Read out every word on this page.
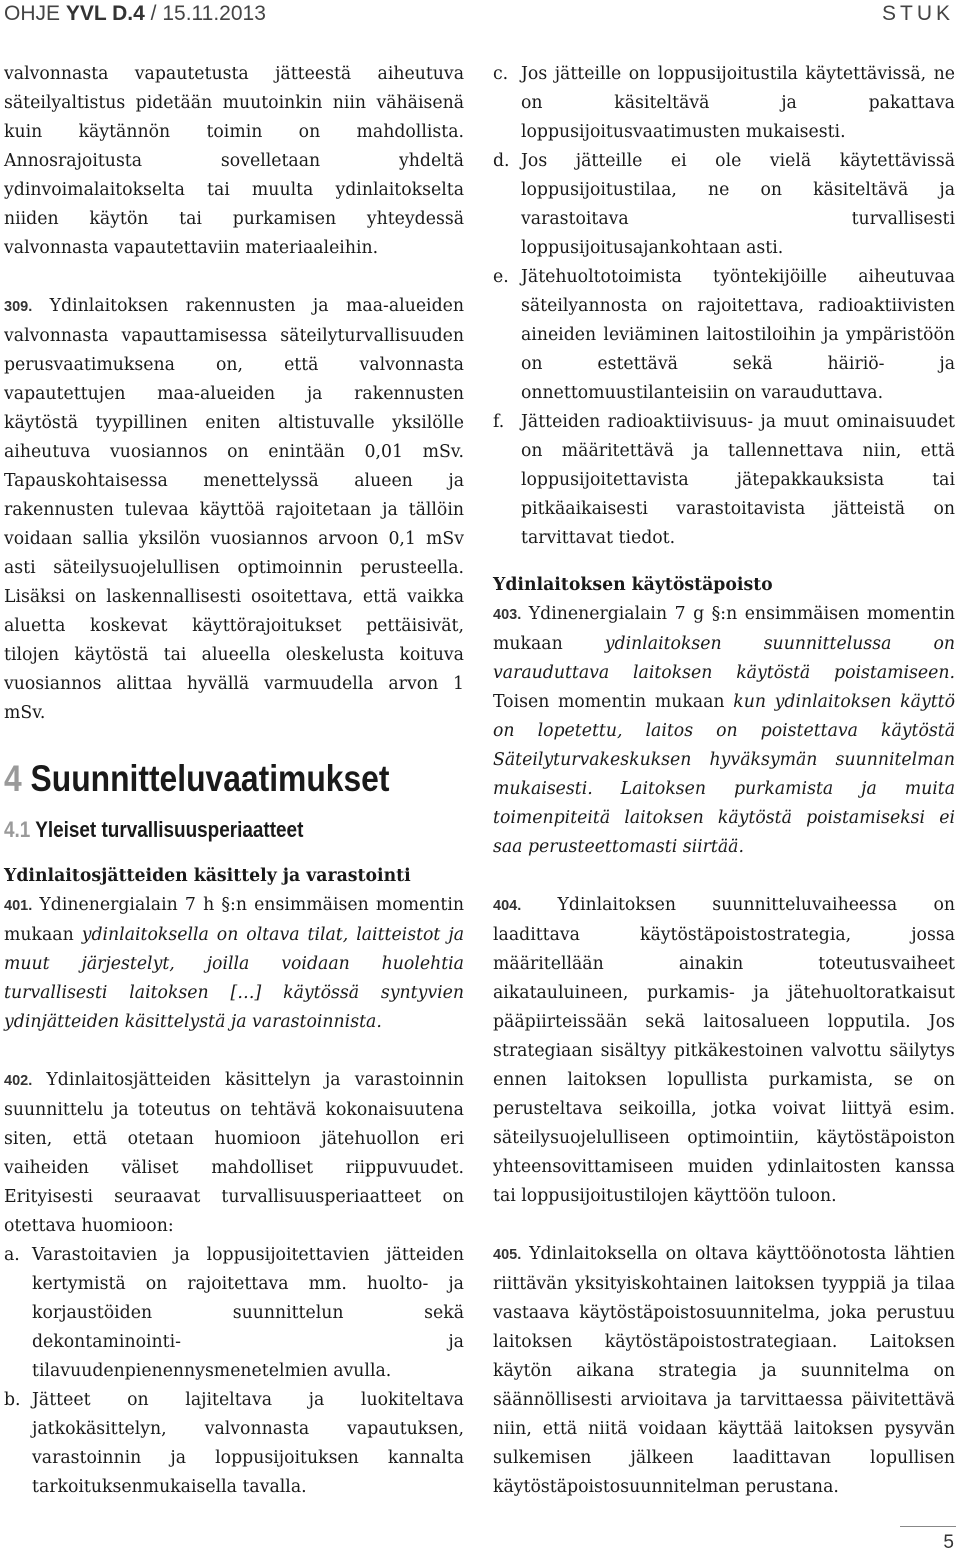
OHJE YVL D.4 / 15.11.2013	STUK

valvonnasta vapautetusta jätteestä aiheutuva säteilyaltistus pidetään muutoinkin niin vähäisenä kuin käytännön toimin on mahdollista. Annosrajoitusta sovelletaan yhdeltä ydinvoimalaitokselta tai muulta ydinlaitokselta niiden käytön tai purkamisen yhteydessä valvonnasta vapautettaviin materiaaleihin.

309. Ydinlaitoksen rakennusten ja maa-alueiden valvonnasta vapauttamisessa säteilyturvallisuuden perusvaatimuksena on, että valvonnasta vapautettujen maa-alueiden ja rakennusten käytöstä tyypillinen eniten altistuvalle yksilölle aiheutuva vuosiannos on enintään 0,01 mSv. Tapauskohtaisessa menettelyssä alueen ja rakennusten tulevaa käyttöä rajoitetaan ja tällöin voidaan sallia yksilön vuosiannos arvoon 0,1 mSv asti säteilysuojelullisen optimoinnin perusteella. Lisäksi on laskennallisesti osoitettava, että vaikka aluetta koskevat käyttörajoitukset pettäisivät, tilojen käytöstä tai alueella oleskelusta koituva vuosiannos alittaa hyvällä varmuudella arvon 1 mSv.

4 Suunnitteluvaatimukset
4.1 Yleiset turvallisuusperiaatteet
Ydinlaitosjätteiden käsittely ja varastointi

401. Ydinenergialain 7 h §:n ensimmäisen momentin mukaan ydinlaitoksella on oltava tilat, laitteistot ja muut järjestelyt, joilla voidaan huolehtia turvallisesti laitoksen […] käytössä syntyvien ydinjätteiden käsittelystä ja varastoinnista.

402. Ydinlaitosjätteiden käsittelyn ja varastoinnin suunnittelu ja toteutus on tehtävä kokonaisuutena siten, että otetaan huomioon jätehuollon eri vaiheiden väliset mahdolliset riippuvuudet. Erityisesti seuraavat turvallisuusperiaatteet on otettava huomioon:

a. Varastoitavien ja loppusijoitettavien jätteiden kertymistä on rajoitettava mm. huolto- ja korjaustöiden suunnittelun sekä dekontaminointi- ja tilavuudenpienennysmenetelmien avulla.
b. Jätteet on lajiteltava ja luokiteltava jatkokäsittelyn, valvonnasta vapautuksen, varastoinnin ja loppusijoituksen kannalta tarkoituksenmukaisella tavalla.
c. Jos jätteille on loppusijoitustila käytettävissä, ne on käsiteltävä ja pakattava loppusijoitusvaatimusten mukaisesti.
d. Jos jätteille ei ole vielä käytettävissä loppusijoitustilaa, ne on käsiteltävä ja varastoitava turvallisesti loppusijoitusajankohtaan asti.
e. Jätehuoltotoimista työntekijöille aiheutuvaa säteilyannosta on rajoitettava, radioaktiivisten aineiden leviäminen laitostiloihin ja ympäristöön on estettävä sekä häiriö- ja onnettomuustilanteisiin on varauduttava.
f. Jätteiden radioaktiivisuus- ja muut ominaisuudet on määritettävä ja tallennettava niin, että loppusijoitettavista jätepakkauksista tai pitkäaikaisesti varastoitavista jätteistä on tarvittavat tiedot.
Ydinlaitoksen käytöstäpoisto

403. Ydinenergialain 7 g §:n ensimmäisen momentin mukaan ydinlaitoksen suunnittelussa on varauduttava laitoksen käytöstä poistamiseen. Toisen momentin mukaan kun ydinlaitoksen käyttö on lopetettu, laitos on poistettava käytöstä Säteilyturvakeskuksen hyväksymän suunnitelman mukaisesti. Laitoksen purkamista ja muita toimenpiteitä laitoksen käytöstä poistamiseksi ei saa perusteettomasti siirtää.

404. Ydinlaitoksen suunnitteluvaiheessa on laadittava käytöstäpoistostrategia, jossa määritellään ainakin toteutusvaiheet aikatauluineen, purkamis- ja jätehuoltoratkaisut pääpiirteissään sekä laitosalueen lopputila. Jos strategiaan sisältyy pitkäkestoinen valvottu säilytys ennen laitoksen lopullista purkamista, se on perusteltava seikoilla, jotka voivat liittyä esim. säteilysuojelulliseen optimointiin, käytöstäpoiston yhteensovittamiseen muiden ydinlaitosten kanssa tai loppusijoitustilojen käyttöön tuloon.

405. Ydinlaitoksella on oltava käyttöönotosta lähtien riittävän yksityiskohtainen laitoksen tyyppiä ja tilaa vastaava käytöstäpoistosuunnitelma, joka perustuu laitoksen käytöstäpoistostrategiaan. Laitoksen käytön aikana strategia ja suunnitelma on säännöllisesti arvioitava ja tarvittaessa päivitettävä niin, että niitä voidaan käyttää laitoksen pysyvän sulkemisen jälkeen laadittavan lopullisen käytöstäpoistosuunnitelman perustana.

5
